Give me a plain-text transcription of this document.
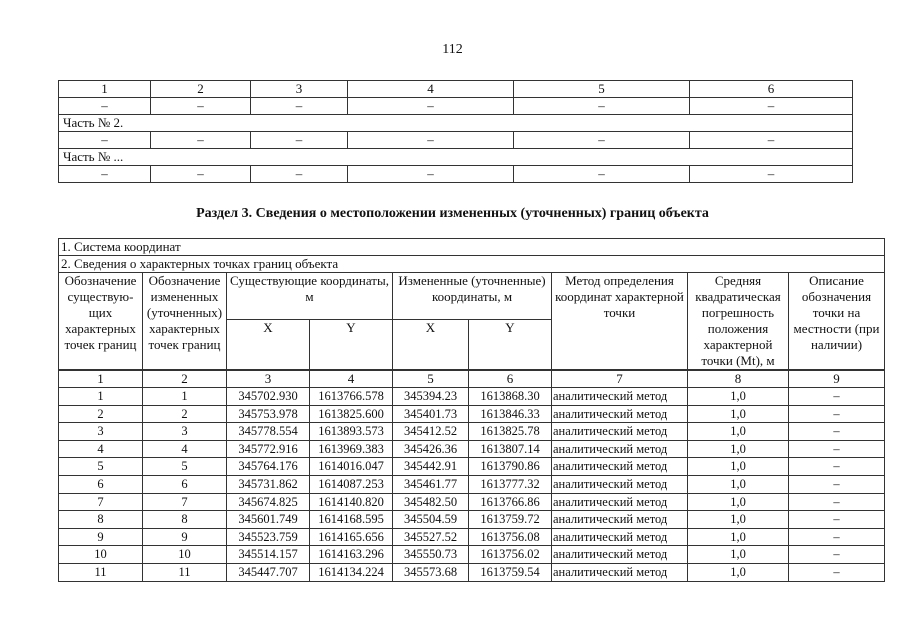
112
1	2	3	4	5	6
–	–	–	–	–	–
Часть № 2.					
–	–	–	–	–	–
Часть № ...					
–	–	–	–	–	–
Раздел 3. Сведения о местоположении измененных (уточненных) границ объекта
1. Система координат								
2. Сведения о характерных точках границ объекта								
Обозначение существую-щих характерных точек границ	Обозначение измененных (уточненных) характерных точек границ	Существующие координаты, м		Измененные (уточненные) координаты, м		Метод определения координат характерной точки	Средняя квадратическая погрешность положения характерной точки (Mt), м	Описание обозначения точки на местности (при наличии)
		X	Y	X	Y			
1	2	3	4	5	6	7	8	9
1	1	345702.930	1613766.578	345394.23	1613868.30	аналитический метод	1,0	–
2	2	345753.978	1613825.600	345401.73	1613846.33	аналитический метод	1,0	–
3	3	345778.554	1613893.573	345412.52	1613825.78	аналитический метод	1,0	–
4	4	345772.916	1613969.383	345426.36	1613807.14	аналитический метод	1,0	–
5	5	345764.176	1614016.047	345442.91	1613790.86	аналитический метод	1,0	–
6	6	345731.862	1614087.253	345461.77	1613777.32	аналитический метод	1,0	–
7	7	345674.825	1614140.820	345482.50	1613766.86	аналитический метод	1,0	–
8	8	345601.749	1614168.595	345504.59	1613759.72	аналитический метод	1,0	–
9	9	345523.759	1614165.656	345527.52	1613756.08	аналитический метод	1,0	–
10	10	345514.157	1614163.296	345550.73	1613756.02	аналитический метод	1,0	–
11	11	345447.707	1614134.224	345573.68	1613759.54	аналитический метод	1,0	–
